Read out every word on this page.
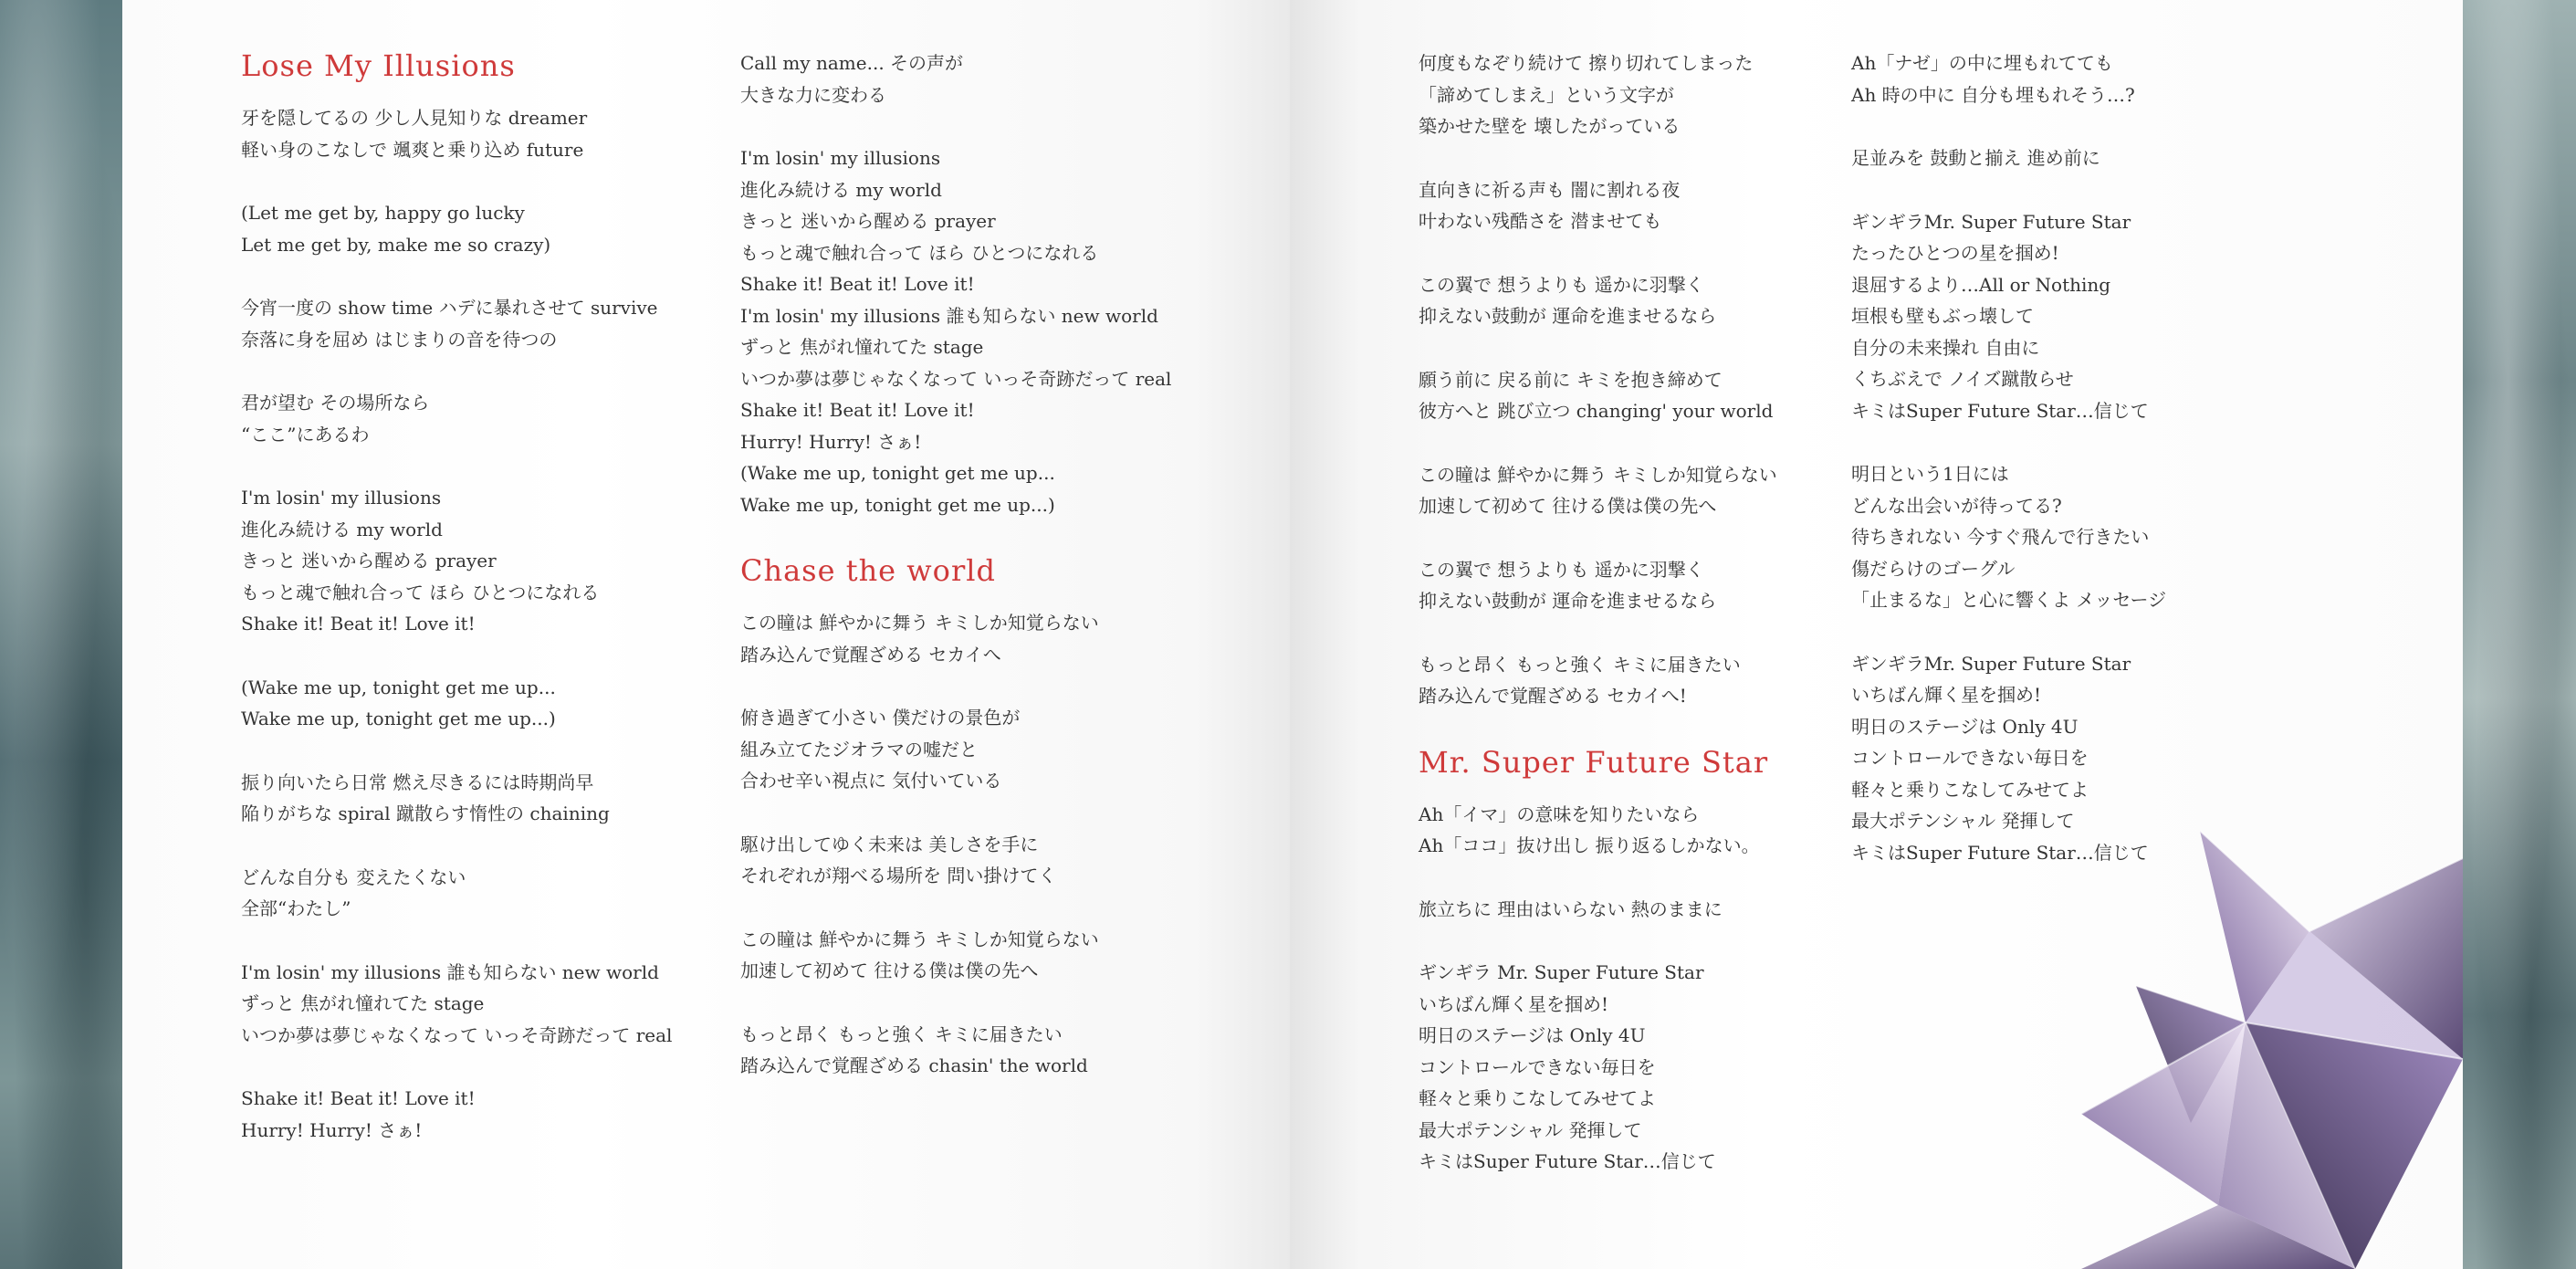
Lose My Illusions

牙を隠してるの 少し人見知りな dreamer

軽い身のこなしで 颯爽と乗り込め future

(Let me get by, happy go lucky

Let me get by, make me so crazy)

今宵一度の show time ハデに暴れさせて survive

奈落に身を屈め はじまりの音を待つの

君が望む その場所なら

“ここ”にあるわ

I'm losin' my illusions

進化み続ける my world

きっと 迷いから醒める prayer

もっと魂で触れ合って ほら ひとつになれる

Shake it! Beat it! Love it!

(Wake me up, tonight get me up...

Wake me up, tonight get me up...)

振り向いたら日常 燃え尽きるには時期尚早

陥りがちな spiral 蹴散らす惰性の chaining

どんな自分も 変えたくない

全部“わたし”

I'm losin' my illusions 誰も知らない new world

ずっと 焦がれ憧れてた stage

いつか夢は夢じゃなくなって いっそ奇跡だって real

Shake it! Beat it! Love it!

Hurry! Hurry! さぁ!

Call my name... その声が

大きな力に変わる

I'm losin' my illusions

進化み続ける my world

きっと 迷いから醒める prayer

もっと魂で触れ合って ほら ひとつになれる

Shake it! Beat it! Love it!

I'm losin' my illusions 誰も知らない new world

ずっと 焦がれ憧れてた stage

いつか夢は夢じゃなくなって いっそ奇跡だって real

Shake it! Beat it! Love it!

Hurry! Hurry! さぁ!

(Wake me up, tonight get me up...

Wake me up, tonight get me up...)

Chase the world

この瞳は 鮮やかに舞う キミしか知覚らない

踏み込んで覚醒ざめる セカイへ

俯き過ぎて小さい 僕だけの景色が

組み立てたジオラマの嘘だと

合わせ辛い視点に 気付いている

駆け出してゆく未来は 美しさを手に

それぞれが翔べる場所を 問い掛けてく

この瞳は 鮮やかに舞う キミしか知覚らない

加速して初めて 往ける僕は僕の先へ

もっと昂く もっと強く キミに届きたい

踏み込んで覚醒ざめる chasin' the world

何度もなぞり続けて 擦り切れてしまった

「諦めてしまえ」という文字が

築かせた壁を 壊したがっている

直向きに祈る声も 闇に割れる夜

叶わない残酷さを 潜ませても

この翼で 想うよりも 遥かに羽撃く

抑えない鼓動が 運命を進ませるなら

願う前に 戻る前に キミを抱き締めて

彼方へと 跳び立つ changing' your world

この瞳は 鮮やかに舞う キミしか知覚らない

加速して初めて 往ける僕は僕の先へ

この翼で 想うよりも 遥かに羽撃く

抑えない鼓動が 運命を進ませるなら

もっと昂く もっと強く キミに届きたい

踏み込んで覚醒ざめる セカイへ!

Mr. Super Future Star

Ah「イマ」の意味を知りたいなら

Ah「ココ」抜け出し 振り返るしかない。

旅立ちに 理由はいらない 熱のままに

ギンギラ Mr. Super Future Star

いちばん輝く星を掴め!

明日のステージは Only 4U

コントロールできない毎日を

軽々と乗りこなしてみせてよ

最大ポテンシャル 発揮して

キミはSuper Future Star…信じて

Ah「ナゼ」の中に埋もれてても

Ah 時の中に 自分も埋もれそう…?

足並みを 鼓動と揃え 進め前に

ギンギラMr. Super Future Star

たったひとつの星を掴め!

退屈するより…All or Nothing

垣根も壁もぶっ壊して

自分の未来操れ 自由に

くちぶえで ノイズ蹴散らせ

キミはSuper Future Star…信じて

明日という1日には

どんな出会いが待ってる?

待ちきれない 今すぐ飛んで行きたい

傷だらけのゴーグル

「止まるな」と心に響くよ メッセージ

ギンギラMr. Super Future Star

いちばん輝く星を掴め!

明日のステージは Only 4U

コントロールできない毎日を

軽々と乗りこなしてみせてよ

最大ポテンシャル 発揮して

キミはSuper Future Star…信じて
